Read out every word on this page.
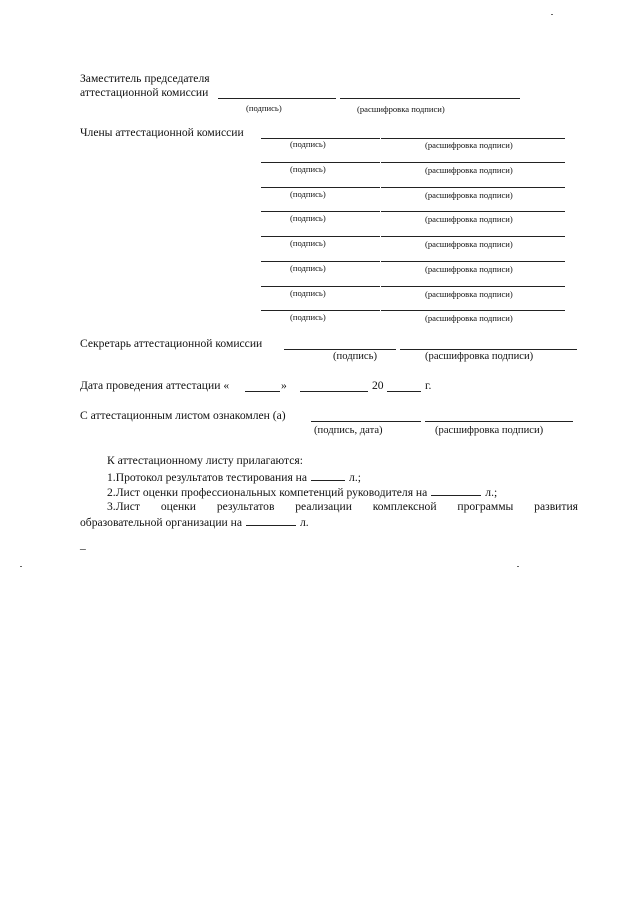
Заместитель председателя
аттестационной комиссии
(подпись)	(расшифровка подписи)
Члены аттестационной комиссии
(подпись)	(расшифровка подписи)
(подпись)	(расшифровка подписи)
(подпись)	(расшифровка подписи)
(подпись)	(расшифровка подписи)
(подпись)	(расшифровка подписи)
(подпись)	(расшифровка подписи)
(подпись)	(расшифровка подписи)
(подпись)	(расшифровка подписи)
Секретарь аттестационной комиссии
(подпись)	(расшифровка подписи)
Дата проведения аттестации «	»	20	г.
С аттестационным листом ознакомлен (а)
(подпись, дата)	(расшифровка подписи)
К аттестационному листу прилагаются:
1.Протокол результатов тестирования на	л.;
2.Лист оценки профессиональных компетенций руководителя на	л.;
3.Лист оценки результатов реализации комплексной программы развития
образовательной организации на	л.
_
